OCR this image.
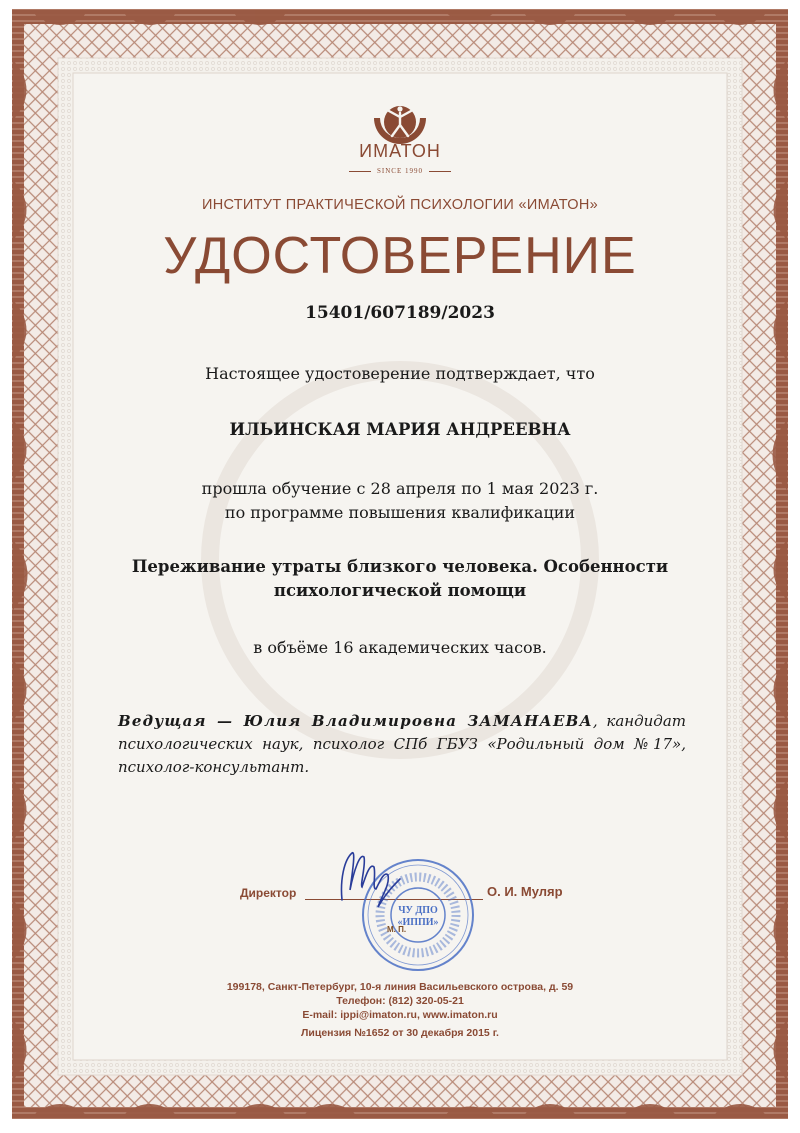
ИМАТОН
SINCE 1990
ИНСТИТУТ ПРАКТИЧЕСКОЙ ПСИХОЛОГИИ «ИМАТОН»
УДОСТОВЕРЕНИЕ
15401/607189/2023
Настоящее удостоверение подтверждает, что
ИЛЬИНСКАЯ МАРИЯ АНДРЕЕВНА
прошла обучение с 28 апреля по 1 мая 2023 г.
по программе повышения квалификации
Переживание утраты близкого человека. Особенности
психологической помощи
в объёме 16 академических часов.
Ведущая — Юлия Владимировна ЗАМАНАЕВА, кандидат психологических наук, психолог СПб ГБУЗ «Родильный дом №17», психолог-консультант.
Директор	О. И. Муляр
ЧУ ДПО
«ИППИ»
М. П.
199178, Санкт-Петербург, 10-я линия Васильевского острова, д. 59
Телефон: (812) 320-05-21
E-mail: ippi@imaton.ru, www.imaton.ru
Лицензия №1652 от 30 декабря 2015 г.
